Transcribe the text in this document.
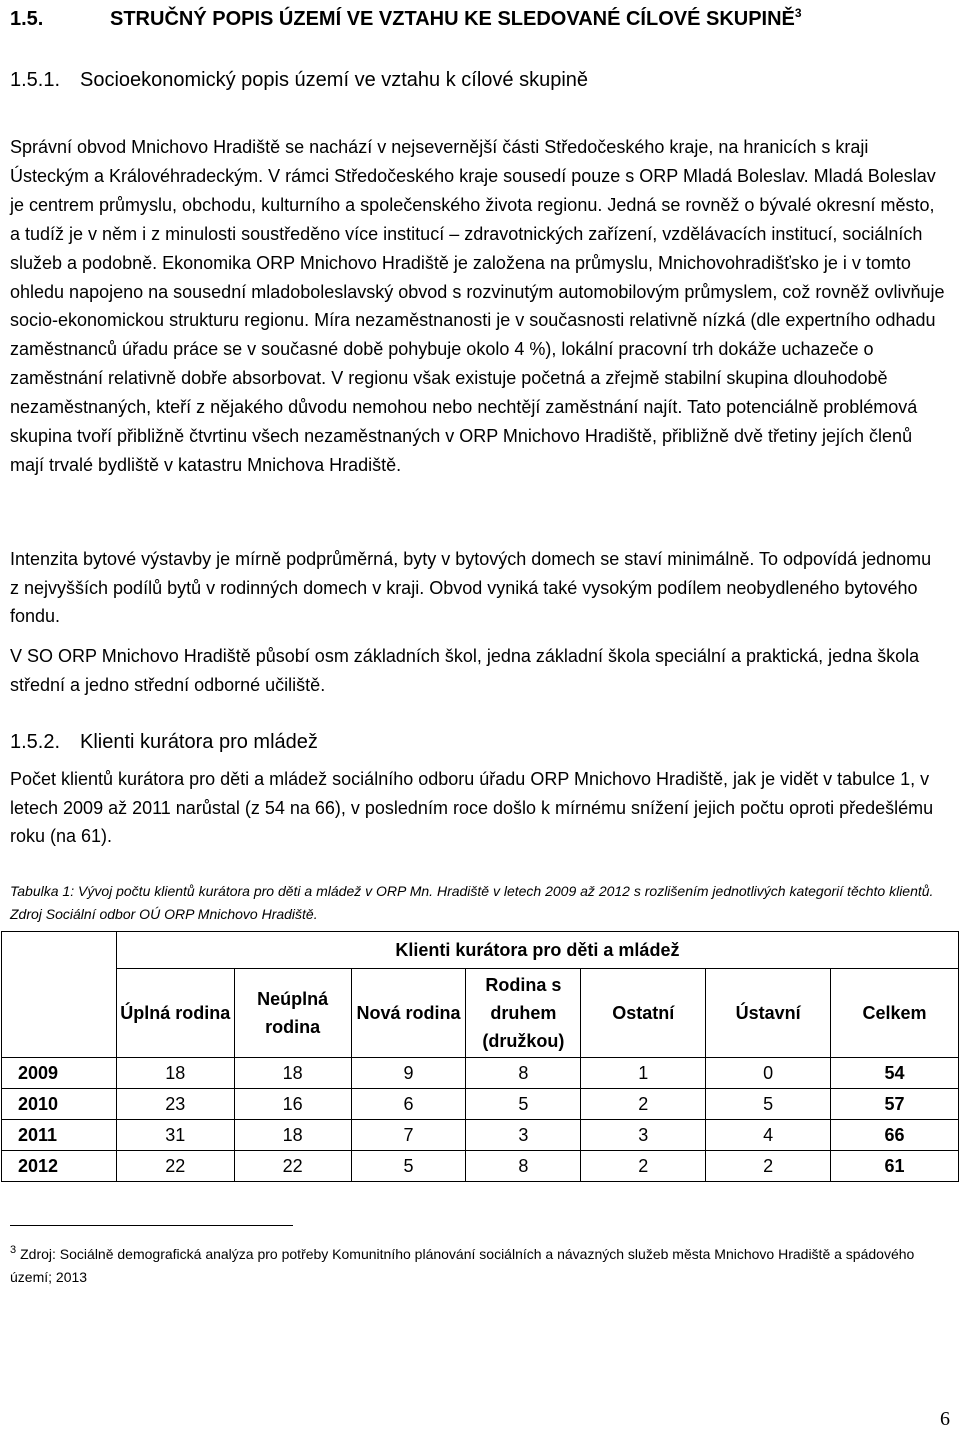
1.5.	STRUČNÝ POPIS ÚZEMÍ VE VZTAHU KE SLEDOVANÉ CÍLOVÉ SKUPINĚ$^3$
1.5.1. Socioekonomický popis území ve vztahu k cílové skupině
Správní obvod Mnichovo Hradiště se nachází v nejsevernější části Středočeského kraje, na hranicích s kraji Ústeckým a Královéhradeckým. V rámci Středočeského kraje sousedí pouze s ORP Mladá Boleslav. Mladá Boleslav je centrem průmyslu, obchodu, kulturního a společenského života regionu. Jedná se rovněž o bývalé okresní město, a tudíž je v něm i z minulosti soustředěno více institucí – zdravotnických zařízení, vzdělávacích institucí, sociálních služeb a podobně. Ekonomika ORP Mnichovo Hradiště je založena na průmyslu, Mnichovohradišťsko je i v tomto ohledu napojeno na sousední mladoboleslavský obvod s rozvinutým automobilovým průmyslem, což rovněž ovlivňuje socio-ekonomickou strukturu regionu. Míra nezaměstnanosti je v současnosti relativně nízká (dle expertního odhadu zaměstnanců úřadu práce se v současné době pohybuje okolo 4 %), lokální pracovní trh dokáže uchazeče o zaměstnání relativně dobře absorbovat. V regionu však existuje početná a zřejmě stabilní skupina dlouhodobě nezaměstnaných, kteří z nějakého důvodu nemohou nebo nechtějí zaměstnání najít. Tato potenciálně problémová skupina tvoří přibližně čtvrtinu všech nezaměstnaných v ORP Mnichovo Hradiště, přibližně dvě třetiny jejích členů mají trvalé bydliště v katastru Mnichova Hradiště.
Intenzita bytové výstavby je mírně podprůměrná, byty v bytových domech se staví minimálně. To odpovídá jednomu z nejvyšších podílů bytů v rodinných domech v kraji. Obvod vyniká také vysokým podílem neobydleného bytového fondu.
V SO ORP Mnichovo Hradiště působí osm základních škol, jedna základní škola speciální a praktická, jedna škola střední a jedno střední odborné učiliště.
1.5.2. Klienti kurátora pro mládež
Počet klientů kurátora pro děti a mládež sociálního odboru úřadu ORP Mnichovo Hradiště, jak je vidět v tabulce 1, v letech 2009 až 2011 narůstal (z 54 na 66), v posledním roce došlo k mírnému snížení jejich počtu oproti předešlému roku (na 61).
Tabulka 1: Vývoj počtu klientů kurátora pro děti a mládež v ORP Mn. Hradiště v letech 2009 až 2012 s rozlišením jednotlivých kategorií těchto klientů. Zdroj Sociální odbor OÚ ORP Mnichovo Hradiště.
	Klienti kurátora pro děti a mládež						
	Úplná rodina	Neúplná rodina	Nová rodina	Rodina s druhem (družkou)	Ostatní	Ústavní	Celkem
2009	18	18	9	8	1	0	54
2010	23	16	6	5	2	5	57
2011	31	18	7	3	3	4	66
2012	22	22	5	8	2	2	61
$^3$ Zdroj: Sociálně demografická analýza pro potřeby Komunitního plánování sociálních a návazných služeb města Mnichovo Hradiště a spádového území; 2013
6
